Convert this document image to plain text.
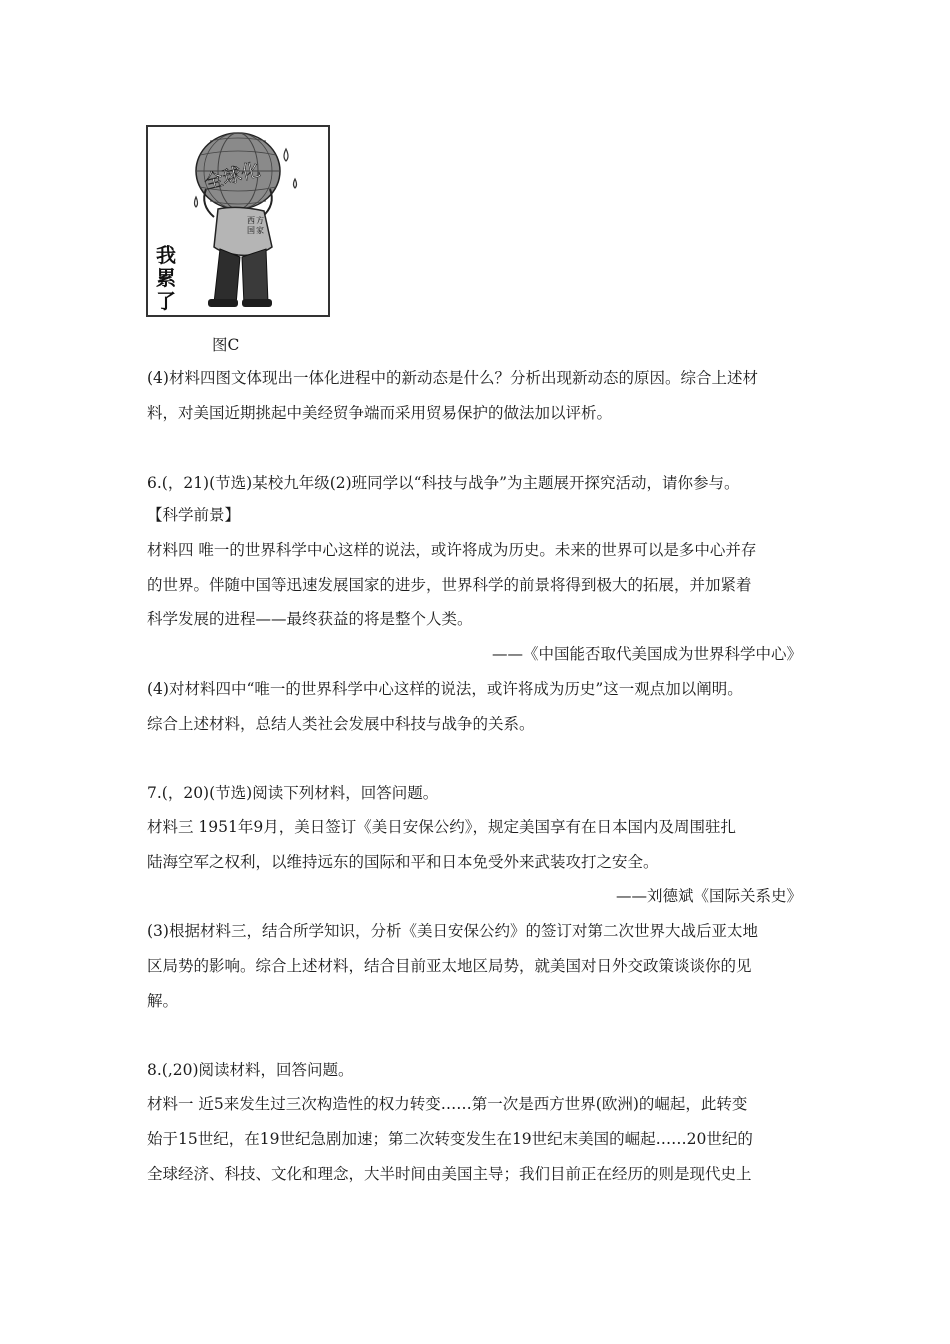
全球化
西 方
国 家
我
累
了
图C
(4)材料四图文体现出一体化进程中的新动态是什么？分析出现新动态的原因。综合上述材
料，对美国近期挑起中美经贸争端而采用贸易保护的做法加以评析。
6.(，21)(节选)某校九年级(2)班同学以“科技与战争”为主题展开探究活动，请你参与。
【科学前景】
材料四 唯一的世界科学中心这样的说法，或许将成为历史。未来的世界可以是多中心并存
的世界。伴随中国等迅速发展国家的进步，世界科学的前景将得到极大的拓展，并加紧着
科学发展的进程——最终获益的将是整个人类。
——《中国能否取代美国成为世界科学中心》
(4)对材料四中“唯一的世界科学中心这样的说法，或许将成为历史”这一观点加以阐明。
综合上述材料，总结人类社会发展中科技与战争的关系。
7.(，20)(节选)阅读下列材料，回答问题。
材料三 1951年9月，美日签订《美日安保公约》，规定美国享有在日本国内及周围驻扎
陆海空军之权利，以维持远东的国际和平和日本免受外来武装攻打之安全。
——刘德斌《国际关系史》
(3)根据材料三，结合所学知识，分析《美日安保公约》的签订对第二次世界大战后亚太地
区局势的影响。综合上述材料，结合目前亚太地区局势，就美国对日外交政策谈谈你的见
解。
8.(,20)阅读材料，回答问题。
材料一 近5来发生过三次构造性的权力转变……第一次是西方世界(欧洲)的崛起，此转变
始于15世纪，在19世纪急剧加速；第二次转变发生在19世纪末美国的崛起……20世纪的
全球经济、科技、文化和理念，大半时间由美国主导；我们目前正在经历的则是现代史上
